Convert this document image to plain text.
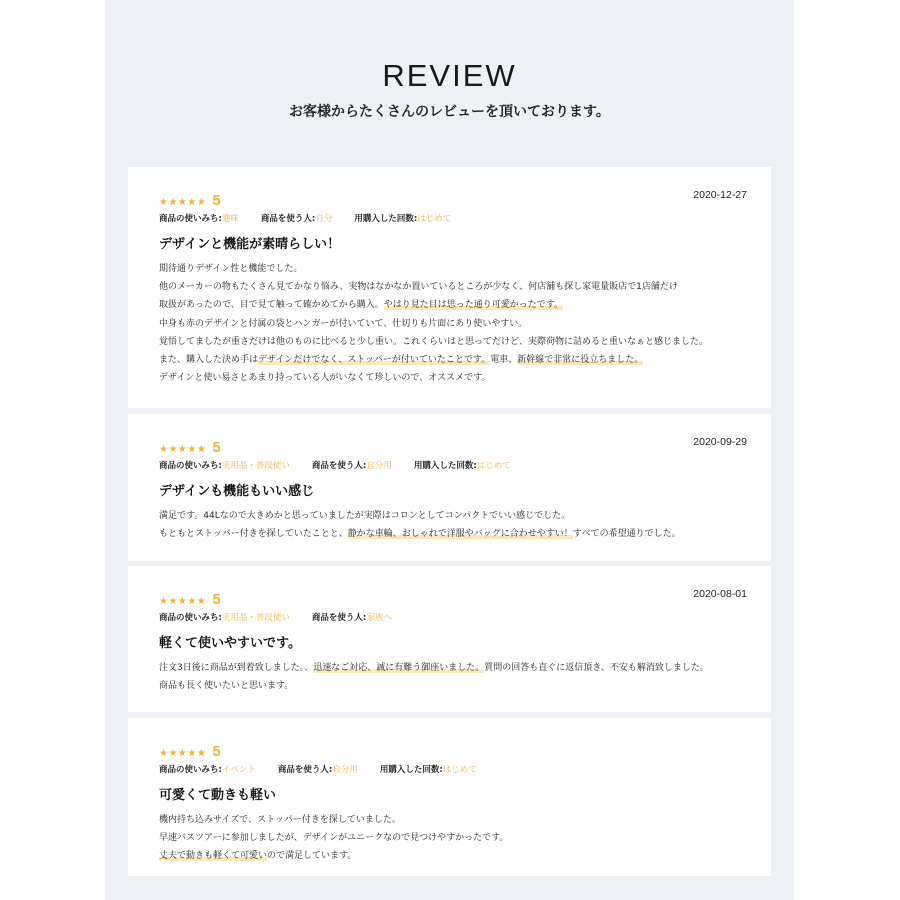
REVIEW
お客様からたくさんのレビューを頂いております。
★★★★★ 5	2020-12-27
商品の使いみち:趣味	商品を使う人:自分	用購入した回数:はじめて
デザインと機能が素晴らしい！

期待通りデザイン性と機能でした。

他のメーカーの物もたくさん見てかなり悩み、実物はなかなか置いているところが少なく、何店舗も探し家電量販店で1店舗だけ

取扱があったので、目で見て触って確かめてから購入。やはり見た目は思った通り可愛かったです。

中身も赤のデザインと付属の袋とハンガーが付いていて、仕切りも片面にあり使いやすい。

覚悟してましたが重さだけは他のものに比べると少し重い。これくらいはと思ってだけど、実際荷物に詰めると重いなぁと感じました。

また、購入した決め手はデザインだけでなく、ストッパーが付いていたことです。電車、新幹線で非常に役立ちました。

デザインと使い易さとあまり持っている人がいなくて珍しいので、オススメです。

★★★★★ 5	2020-09-29
商品の使いみち:実用品・普段使い	商品を使う人:自分用	用購入した回数:はじめて
デザインも機能もいい感じ

満足です。44Lなので大きめかと思っていましたが実際はコロンとしてコンパクトでいい感じでした。

もともとストッパー付きを探していたことと、静かな車輪、おしゃれで洋服やバッグに合わせやすい！すべての希望通りでした。

★★★★★ 5	2020-08-01
商品の使いみち:実用品・普段使い	商品を使う人:家族へ
軽くて使いやすいです。

注文3日後に商品が到着致しました。、迅速なご対応、誠に有難う御座いました。質問の回答も直ぐに返信頂き、不安も解消致しました。

商品も長く使いたいと思います。

★★★★★ 5
商品の使いみち:イベント	商品を使う人:自分用	用購入した回数:はじめて
可愛くて動きも軽い

機内持ち込みサイズで、ストッパー付きを探していました。

早速バスツアーに参加しましたが、デザインがユニークなので見つけやすかったです。

丈夫で動きも軽くて可愛いので満足しています。
